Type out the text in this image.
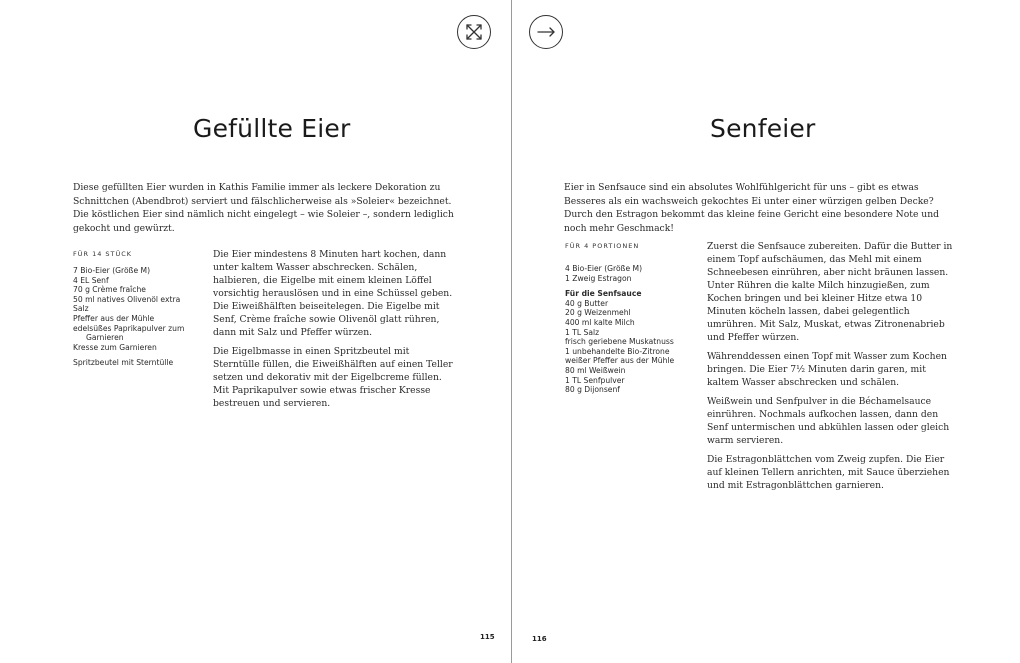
Gefüllte Eier

Diese gefüllten Eier wurden in Kathis Familie immer als leckere Dekoration zu Schnittchen (Abendbrot) serviert und fälschlicherweise als »Soleier« bezeichnet. Die köstlichen Eier sind nämlich nicht eingelegt – wie Soleier –, sondern lediglich gekocht und gewürzt.

FÜR 14 STÜCK
7 Bio-Eier (Größe M)
4 EL Senf
70 g Crème fraîche
50 ml natives Olivenöl extra
Salz
Pfeffer aus der Mühle
edelsüßes Paprikapulver zum
Garnieren
Kresse zum Garnieren
Spritzbeutel mit Sterntülle

Die Eier mindestens 8 Minuten hart kochen, dann unter kaltem Wasser abschrecken. Schälen, halbieren, die Eigelbe mit einem kleinen Löffel vorsichtig herauslösen und in eine Schüssel geben. Die Eiweißhälften beiseitelegen. Die Eigelbe mit Senf, Crème fraîche sowie Olivenöl glatt rühren, dann mit Salz und Pfeffer würzen.

Die Eigelbmasse in einen Spritzbeutel mit Sterntülle füllen, die Eiweißhälften auf einen Teller setzen und dekorativ mit der Eigelbcreme füllen. Mit Paprikapulver sowie etwas frischer Kresse bestreuen und servieren.

115
Senfeier

Eier in Senfsauce sind ein absolutes Wohlfühlgericht für uns – gibt es etwas Besseres als ein wachsweich gekochtes Ei unter einer würzigen gelben Decke? Durch den Estragon bekommt das kleine feine Gericht eine besondere Note und noch mehr Geschmack!

FÜR 4 PORTIONEN
4 Bio-Eier (Größe M)
1 Zweig Estragon
Für die Senfsauce
40 g Butter
20 g Weizenmehl
400 ml kalte Milch
1 TL Salz
frisch geriebene Muskatnuss
1 unbehandelte Bio-Zitrone
weißer Pfeffer aus der Mühle
80 ml Weißwein
1 TL Senfpulver
80 g Dijonsenf

Zuerst die Senfsauce zubereiten. Dafür die Butter in einem Topf aufschäumen, das Mehl mit einem Schneebesen einrühren, aber nicht bräunen lassen. Unter Rühren die kalte Milch hinzugießen, zum Kochen bringen und bei kleiner Hitze etwa 10 Minuten köcheln lassen, dabei gelegentlich umrühren. Mit Salz, Muskat, etwas Zitronenabrieb und Pfeffer würzen.

Währenddessen einen Topf mit Wasser zum Kochen bringen. Die Eier 7½ Minuten darin garen, mit kaltem Wasser abschrecken und schälen.

Weißwein und Senfpulver in die Béchamelsauce einrühren. Nochmals aufkochen lassen, dann den Senf untermischen und abkühlen lassen oder gleich warm servieren.

Die Estragonblättchen vom Zweig zupfen. Die Eier auf kleinen Tellern anrichten, mit Sauce überziehen und mit Estragonblättchen garnieren.

116
